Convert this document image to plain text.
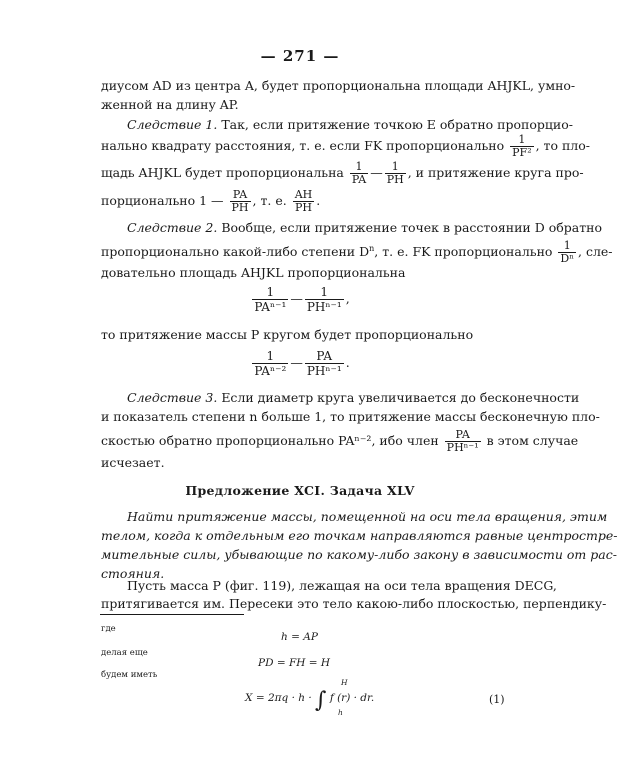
— 271 —
диусом AD из центра A, будет пропорциональна площади AHJKL, умно-
женной на длину AP.
Следствие 1. Так, если притяжение точкою E обратно пропорцио-
нально квадрату расстояния, т. е. если FK пропорционально $\frac{1}{\text{PF²}}$ , то пло-
щадь AHJKL будет пропорциональна $\frac{1}{PA}$ — $\frac{1}{PH}$ , и притяжение круга про-
порционально 1 — $\frac{PA}{PH}$ , т. е. $\frac{AH}{PH}$ .
Следствие 2. Вообще, если притяжение точек в расстоянии D обратно
пропорционально какой-либо степени $D^n$, т. е. FK пропорционально $\frac{1}{\text{Dⁿ}}$ , сле-
довательно площадь AHJKL пропорциональна
$\frac{1}{\text{PAⁿ⁻¹}}$ — $\frac{1}{\text{PHⁿ⁻¹}}$ ,
то притяжение массы P кругом будет пропорционально
$\frac{1}{\text{PAⁿ⁻²}}$ — $\frac{PA}{\text{PHⁿ⁻¹}}$ .
Следствие 3. Если диаметр круга увеличивается до бесконечности
и показатель степени n больше 1, то притяжение массы бесконечную пло-
скостью обратно пропорционально PAⁿ⁻², ибо член $\frac{PA}{\text{PHⁿ⁻¹}}$ в этом случае
исчезает.
Предложение XCI. Задача XLV
Найти притяжение массы, помещенной на оси тела вращения, этим
телом, когда к отдельным его точкам направляются равные центростре-
мительные силы, убывающие по какому-либо закону в зависимости от рас-
стояния.
Пусть масса P (фиг. 119), лежащая на оси тела вращения DECG,
притягивается им. Пересеки это тело какою-либо плоскостью, перпендику-
где
h = AP
делая еще
PD = FH = H
будем иметь
X = 2πq · h · ∫ f (r) · dr.
H
h
(1)
